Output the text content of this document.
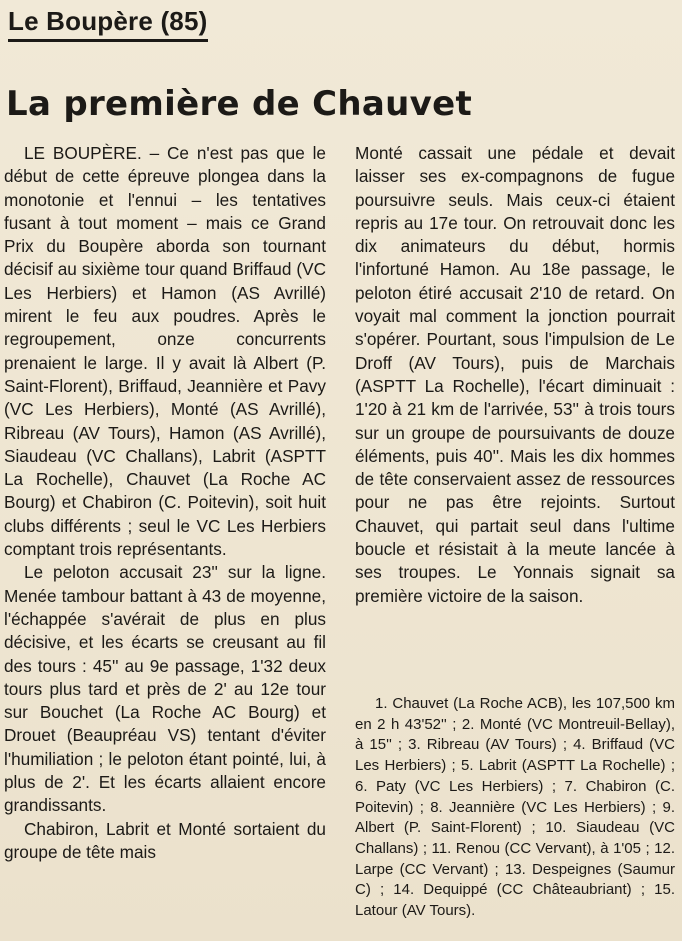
Le Boupère (85)
La première de Chauvet

LE BOUPÈRE. – Ce n'est pas que le début de cette épreuve plongea dans la monotonie et l'ennui – les tentatives fusant à tout moment – mais ce Grand Prix du Boupère aborda son tournant décisif au sixième tour quand Briffaud (VC Les Herbiers) et Hamon (AS Avrillé) mirent le feu aux poudres. Après le regroupement, onze concurrents prenaient le large. Il y avait là Albert (P. Saint-Florent), Briffaud, Jeannière et Pavy (VC Les Herbiers), Monté (AS Avrillé), Ribreau (AV Tours), Hamon (AS Avrillé), Siaudeau (VC Challans), Labrit (ASPTT La Rochelle), Chauvet (La Roche AC Bourg) et Chabiron (C. Poitevin), soit huit clubs différents ; seul le VC Les Herbiers comptant trois représentants.

Le peloton accusait 23'' sur la ligne. Menée tambour battant à 43 de moyenne, l'échappée s'avérait de plus en plus décisive, et les écarts se creusant au fil des tours : 45'' au 9e passage, 1'32 deux tours plus tard et près de 2' au 12e tour sur Bouchet (La Roche AC Bourg) et Drouet (Beaupréau VS) tentant d'éviter l'humiliation ; le peloton étant pointé, lui, à plus de 2'. Et les écarts allaient encore grandissants.

Chabiron, Labrit et Monté sortaient du groupe de tête mais

Monté cassait une pédale et devait laisser ses ex-compagnons de fugue poursuivre seuls. Mais ceux-ci étaient repris au 17e tour. On retrouvait donc les dix animateurs du début, hormis l'infortuné Hamon. Au 18e passage, le peloton étiré accusait 2'10 de retard. On voyait mal comment la jonction pourrait s'opérer. Pourtant, sous l'impulsion de Le Droff (AV Tours), puis de Marchais (ASPTT La Rochelle), l'écart diminuait : 1'20 à 21 km de l'arrivée, 53'' à trois tours sur un groupe de poursuivants de douze éléments, puis 40''. Mais les dix hommes de tête conservaient assez de ressources pour ne pas être rejoints. Surtout Chauvet, qui partait seul dans l'ultime boucle et résistait à la meute lancée à ses troupes. Le Yonnais signait sa première victoire de la saison.

1. Chauvet (La Roche ACB), les 107,500 km en 2 h 43'52'' ; 2. Monté (VC Montreuil-Bellay), à 15'' ; 3. Ribreau (AV Tours) ; 4. Briffaud (VC Les Herbiers) ; 5. Labrit (ASPTT La Rochelle) ; 6. Paty (VC Les Herbiers) ; 7. Chabiron (C. Poitevin) ; 8. Jeannière (VC Les Herbiers) ; 9. Albert (P. Saint-Florent) ; 10. Siaudeau (VC Challans) ; 11. Renou (CC Vervant), à 1'05 ; 12. Larpe (CC Vervant) ; 13. Despeignes (Saumur C) ; 14. Dequippé (CC Châteaubriant) ; 15. Latour (AV Tours).
